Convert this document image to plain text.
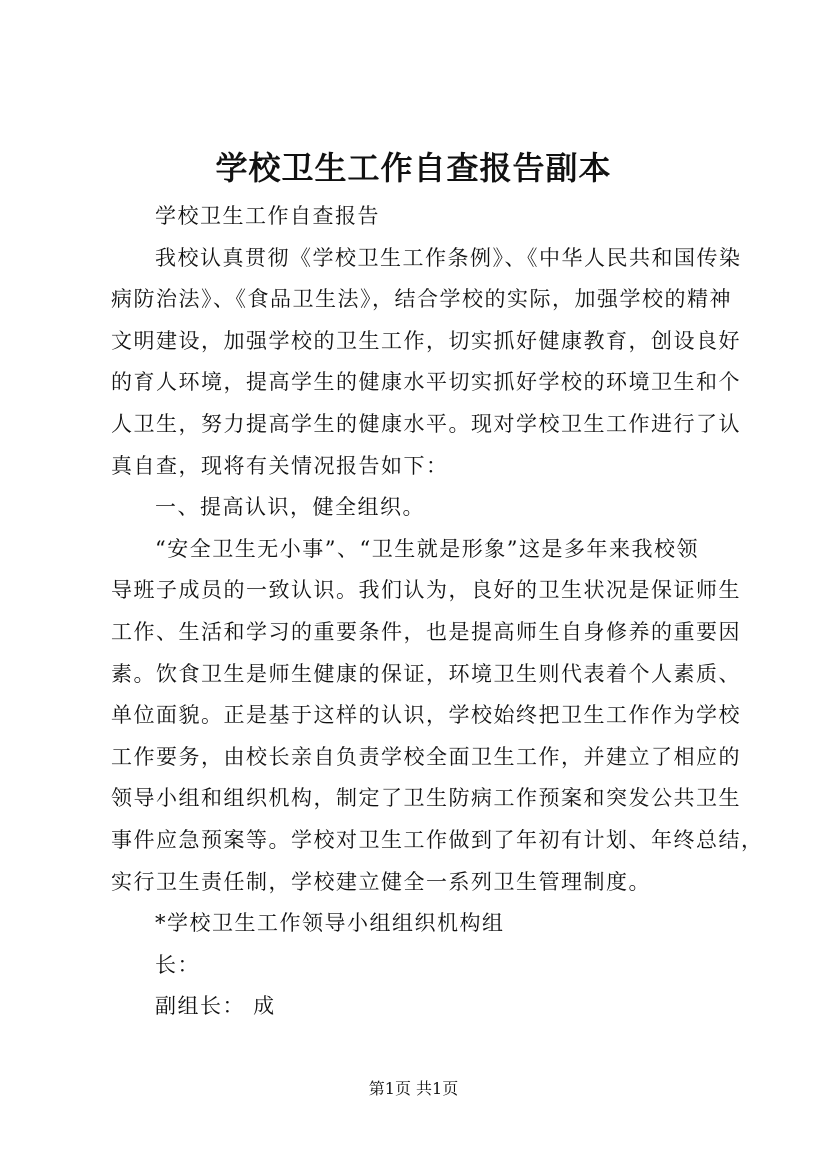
学校卫生工作自查报告副本

学校卫生工作自查报告

我校认真贯彻《学校卫生工作条例》、《中华人民共和国传染

病防治法》、《食品卫生法》，结合学校的实际，加强学校的精神

文明建设，加强学校的卫生工作，切实抓好健康教育，创设良好

的育人环境，提高学生的健康水平切实抓好学校的环境卫生和个

人卫生，努力提高学生的健康水平。现对学校卫生工作进行了认

真自查，现将有关情况报告如下：

一、提高认识，健全组织。

“安全卫生无小事”、“卫生就是形象”这是多年来我校领

导班子成员的一致认识。我们认为，良好的卫生状况是保证师生

工作、生活和学习的重要条件，也是提高师生自身修养的重要因

素。饮食卫生是师生健康的保证，环境卫生则代表着个人素质、

单位面貌。正是基于这样的认识，学校始终把卫生工作作为学校

工作要务，由校长亲自负责学校全面卫生工作，并建立了相应的

领导小组和组织机构，制定了卫生防病工作预案和突发公共卫生

事件应急预案等。学校对卫生工作做到了年初有计划、年终总结，

实行卫生责任制，学校建立健全一系列卫生管理制度。

*学校卫生工作领导小组组织机构组

长：

副组长： 成

第1页 共1页
